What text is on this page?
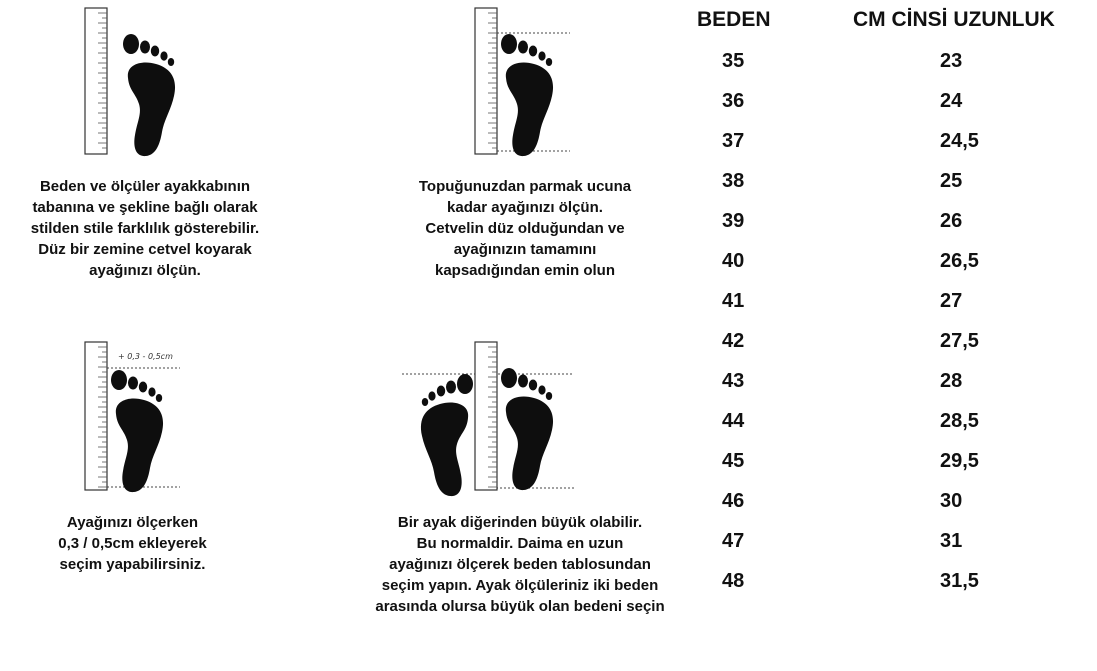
Beden ve ölçüler ayakkabının
tabanına ve şekline bağlı olarak
stilden stile farklılık gösterebilir.
Düz bir zemine cetvel koyarak
ayağınızı ölçün.
Topuğunuzdan parmak ucuna
kadar ayağınızı ölçün.
Cetvelin düz olduğundan ve
ayağınızın tamamını
kapsadığından emin olun
+ 0,3 - 0,5cm
Ayağınızı ölçerken
0,3 / 0,5cm ekleyerek
seçim yapabilirsiniz.
Bir ayak diğerinden büyük olabilir.
Bu normaldir. Daima en uzun
ayağınızı ölçerek beden tablosundan
seçim yapın. Ayak ölçüleriniz iki beden
arasında olursa büyük olan bedeni seçin
BEDEN	CM CİNSİ UZUNLUK
35	23
36	24
37	24,5
38	25
39	26
40	26,5
41	27
42	27,5
43	28
44	28,5
45	29,5
46	30
47	31
48	31,5
